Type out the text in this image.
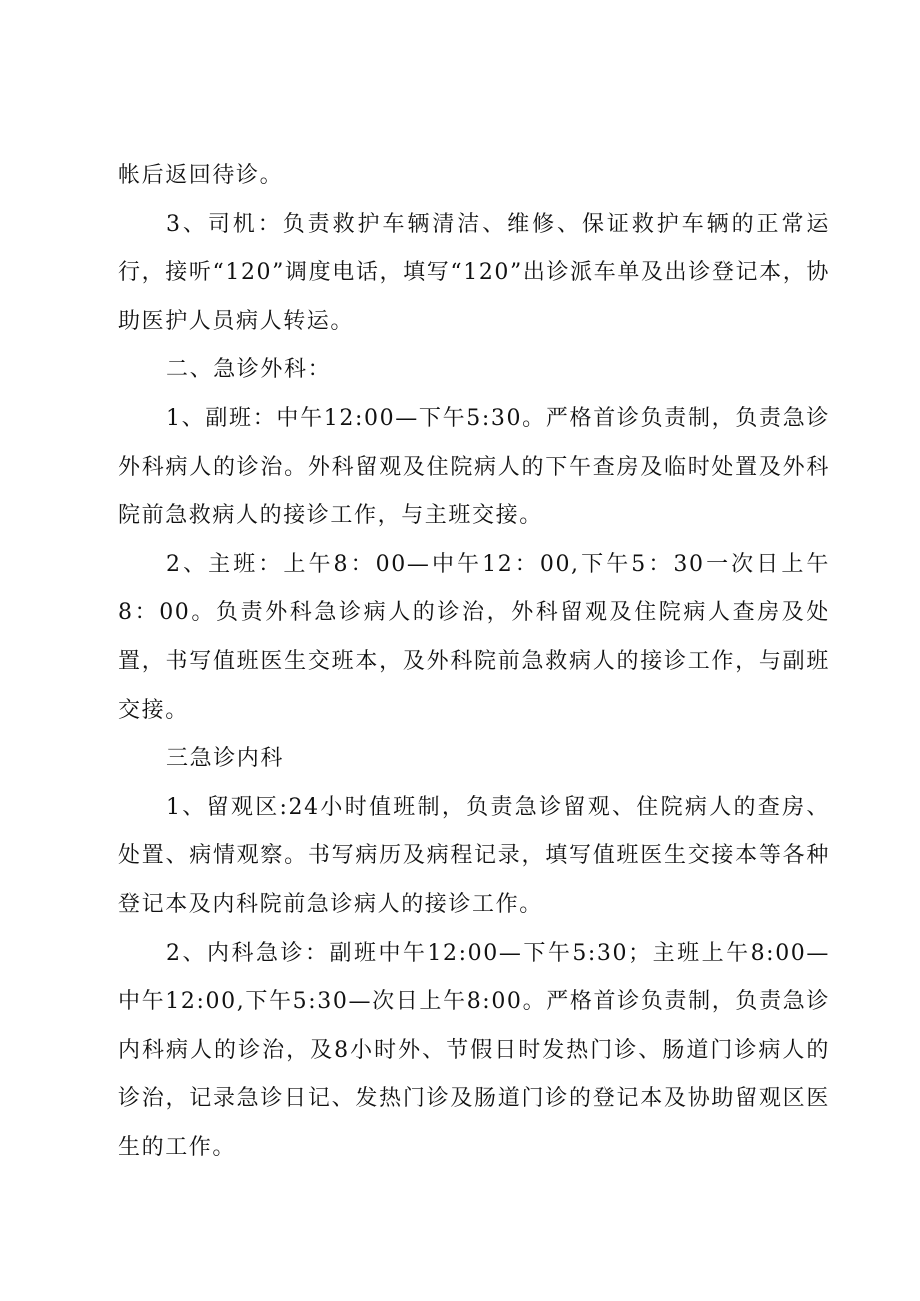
帐后返回待诊。

3、司机：负责救护车辆清洁、维修、保证救护车辆的正常运行，接听“120”调度电话，填写“120”出诊派车单及出诊登记本，协助医护人员病人转运。

二、急诊外科：

1、副班：中午12:00—下午5:30。严格首诊负责制，负责急诊外科病人的诊治。外科留观及住院病人的下午查房及临时处置及外科院前急救病人的接诊工作，与主班交接。

2、主班：上午8：00—中午12：00,下午5：30一次日上午8：00。负责外科急诊病人的诊治，外科留观及住院病人查房及处置，书写值班医生交班本，及外科院前急救病人的接诊工作，与副班交接。

三急诊内科

1、留观区:24小时值班制，负责急诊留观、住院病人的查房、处置、病情观察。书写病历及病程记录，填写值班医生交接本等各种登记本及内科院前急诊病人的接诊工作。

2、内科急诊：副班中午12:00—下午5:30；主班上午8:00—中午12:00,下午5:30—次日上午8:00。严格首诊负责制，负责急诊内科病人的诊治，及8小时外、节假日时发热门诊、肠道门诊病人的诊治，记录急诊日记、发热门诊及肠道门诊的登记本及协助留观区医生的工作。
